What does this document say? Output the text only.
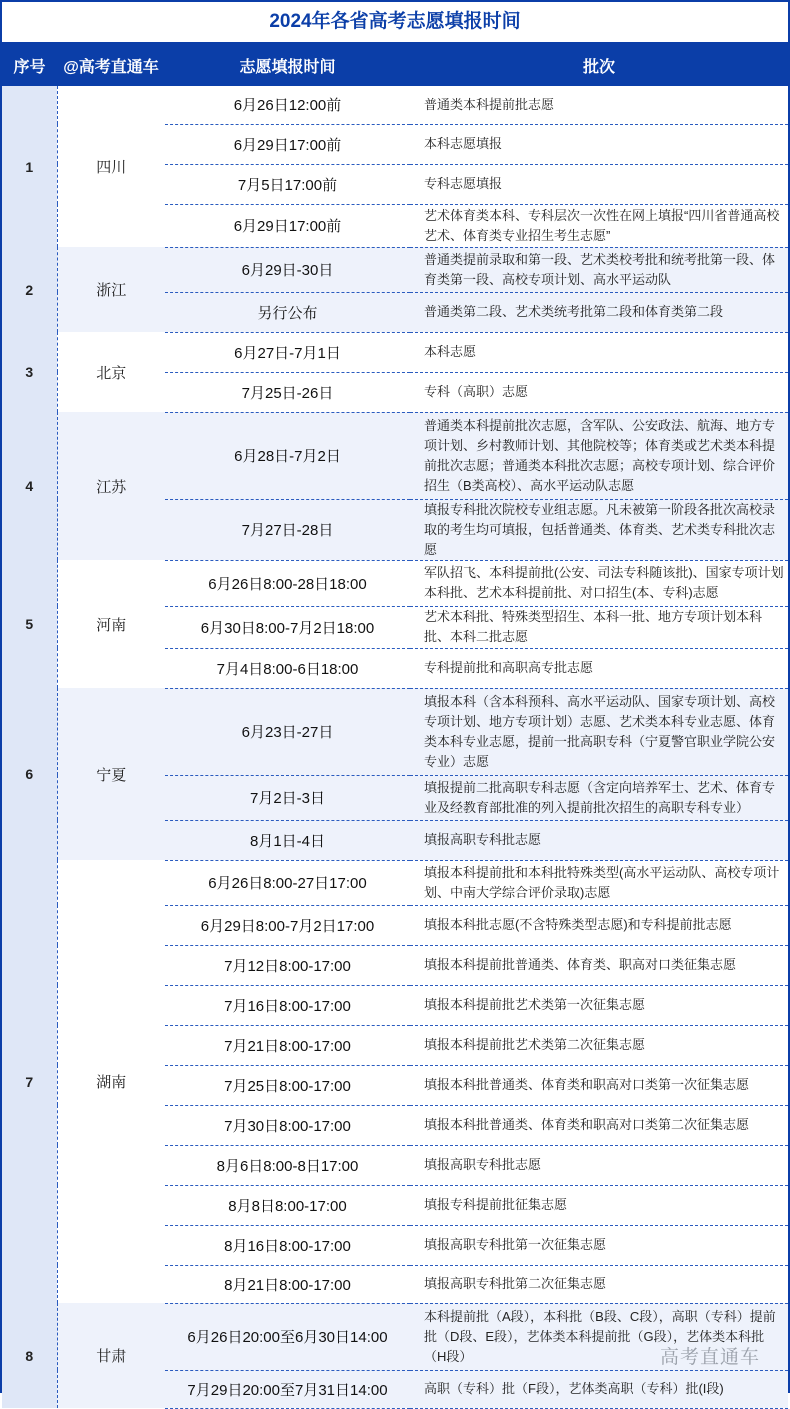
2024年各省高考志愿填报时间
序号	@高考直通车	志愿填报时间	批次
1	四川	6月26日12:00前	普通类本科提前批志愿
		6月29日17:00前	本科志愿填报
		7月5日17:00前	专科志愿填报
		6月29日17:00前	艺术体育类本科、专科层次一次性在网上填报“四川省普通高校艺术、体育类专业招生考生志愿”
2	浙江	6月29日-30日	普通类提前录取和第一段、艺术类校考批和统考批第一段、体育类第一段、高校专项计划、高水平运动队
		另行公布	普通类第二段、艺术类统考批第二段和体育类第二段
3	北京	6月27日-7月1日	本科志愿
		7月25日-26日	专科（高职）志愿
4	江苏	6月28日-7月2日	普通类本科提前批次志愿，含军队、公安政法、航海、地方专项计划、乡村教师计划、其他院校等；体育类或艺术类本科提前批次志愿；普通类本科批次志愿；高校专项计划、综合评价招生（B类高校）、高水平运动队志愿
		7月27日-28日	填报专科批次院校专业组志愿。凡未被第一阶段各批次高校录取的考生均可填报，包括普通类、体育类、艺术类专科批次志愿
5	河南	6月26日8:00-28日18:00	军队招飞、本科提前批(公安、司法专科随该批)、国家专项计划本科批、艺术本科提前批、对口招生(本、专科)志愿
		6月30日8:00-7月2日18:00	艺术本科批、特殊类型招生、本科一批、地方专项计划本科批、本科二批志愿
		7月4日8:00-6日18:00	专科提前批和高职高专批志愿
6	宁夏	6月23日-27日	填报本科（含本科预科、高水平运动队、国家专项计划、高校专项计划、地方专项计划）志愿、艺术类本科专业志愿、体育类本科专业志愿，提前一批高职专科（宁夏警官职业学院公安专业）志愿
		7月2日-3日	填报提前二批高职专科志愿（含定向培养军士、艺术、体育专业及经教育部批准的列入提前批次招生的高职专科专业）
		8月1日-4日	填报高职专科批志愿
7	湖南	6月26日8:00-27日17:00	填报本科提前批和本科批特殊类型(高水平运动队、高校专项计划、中南大学综合评价录取)志愿
		6月29日8:00-7月2日17:00	填报本科批志愿(不含特殊类型志愿)和专科提前批志愿
		7月12日8:00-17:00	填报本科提前批普通类、体育类、职高对口类征集志愿
		7月16日8:00-17:00	填报本科提前批艺术类第一次征集志愿
		7月21日8:00-17:00	填报本科提前批艺术类第二次征集志愿
		7月25日8:00-17:00	填报本科批普通类、体育类和职高对口类第一次征集志愿
		7月30日8:00-17:00	填报本科批普通类、体育类和职高对口类第二次征集志愿
		8月6日8:00-8日17:00	填报高职专科批志愿
		8月8日8:00-17:00	填报专科提前批征集志愿
		8月16日8:00-17:00	填报高职专科批第一次征集志愿
		8月21日8:00-17:00	填报高职专科批第二次征集志愿
8	甘肃	6月26日20:00至6月30日14:00	本科提前批（A段），本科批（B段、C段），高职（专科）提前批（D段、E段），艺体类本科提前批（G段），艺体类本科批（H段）
		7月29日20:00至7月31日14:00	高职（专科）批（F段），艺体类高职（专科）批(I段)
高考直通车
